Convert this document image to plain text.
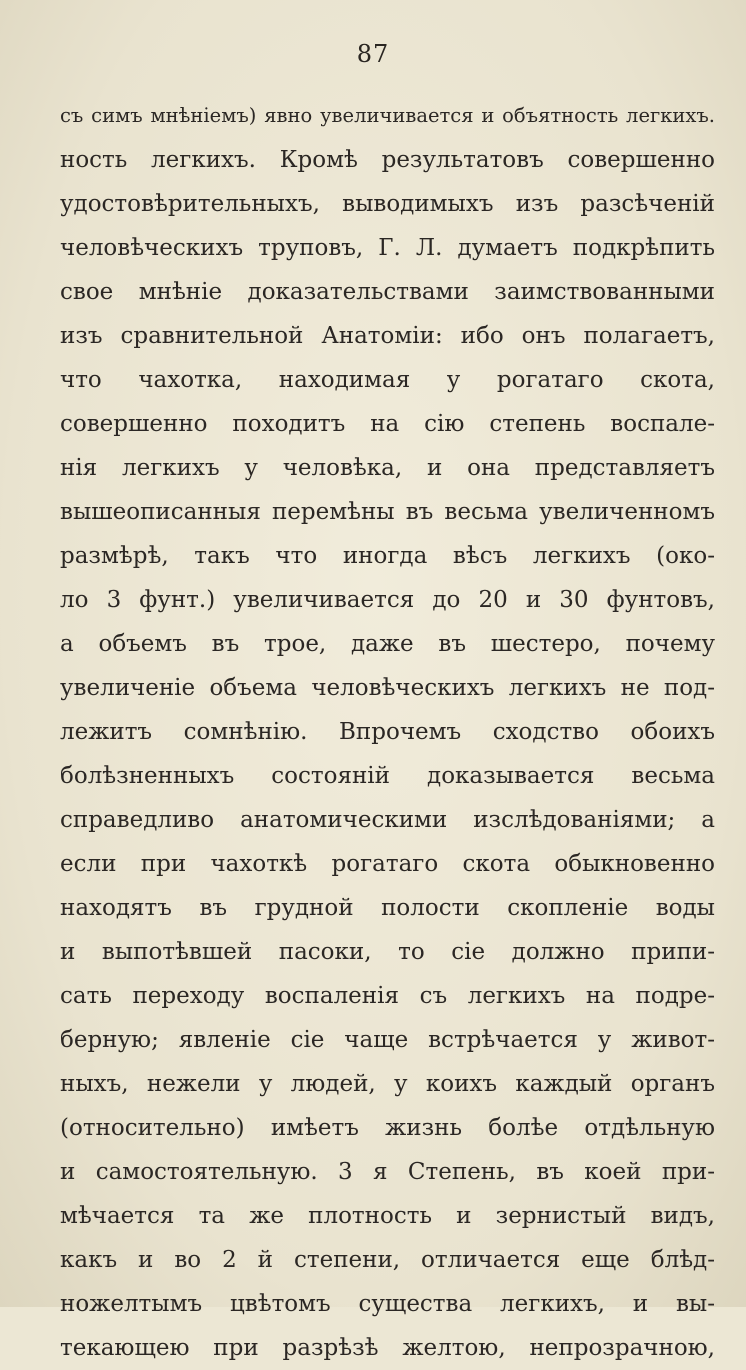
87
съ симъ мнѣніемъ) явно увеличивается и объятность легкихъ.
ность легкихъ. Кромѣ результатовъ совершенно
удостовѣрительныхъ, выводимыхъ изъ разсѣченій
человѣческихъ труповъ, Г. Л. думаетъ подкрѣпить
свое мнѣніе доказательствами заимствованными
изъ сравнительной Анатоміи: ибо онъ полагаетъ,
что чахотка, находимая у рогатаго скота,
совершенно походитъ на сію степень воспале-
нія легкихъ у человѣка, и она представляетъ
вышеописанныя перемѣны въ весьма увеличенномъ
размѣрѣ, такъ что иногда вѣсъ легкихъ (око-
ло 3 фунт.) увеличивается до 20 и 30 фунтовъ,
а объемъ въ трое, даже въ шестеро, почему
увеличеніе объема человѣческихъ легкихъ не под-
лежитъ сомнѣнію. Впрочемъ сходство обоихъ
болѣзненныхъ состояній доказывается весьма
справедливо анатомическими изслѣдованіями; а
если при чахоткѣ рогатаго скота обыкновенно
находятъ въ грудной полости скопленіе воды
и выпотѣвшей пасоки, то сіе должно припи-
сать переходу воспаленія съ легкихъ на подре-
берную; явленіе сіе чаще встрѣчается у живот-
ныхъ, нежели у людей, у коихъ каждый органъ
(относительно) имѣетъ жизнь болѣе отдѣльную
и самостоятельную. 3 я Степень, въ коей при-
мѣчается та же плотность и зернистый видъ,
какъ и во 2 й степени, отличается еще блѣд-
ножелтымъ цвѣтомъ существа легкихъ, и вы-
текающею при разрѣзѣ желтою, непрозрачною,
